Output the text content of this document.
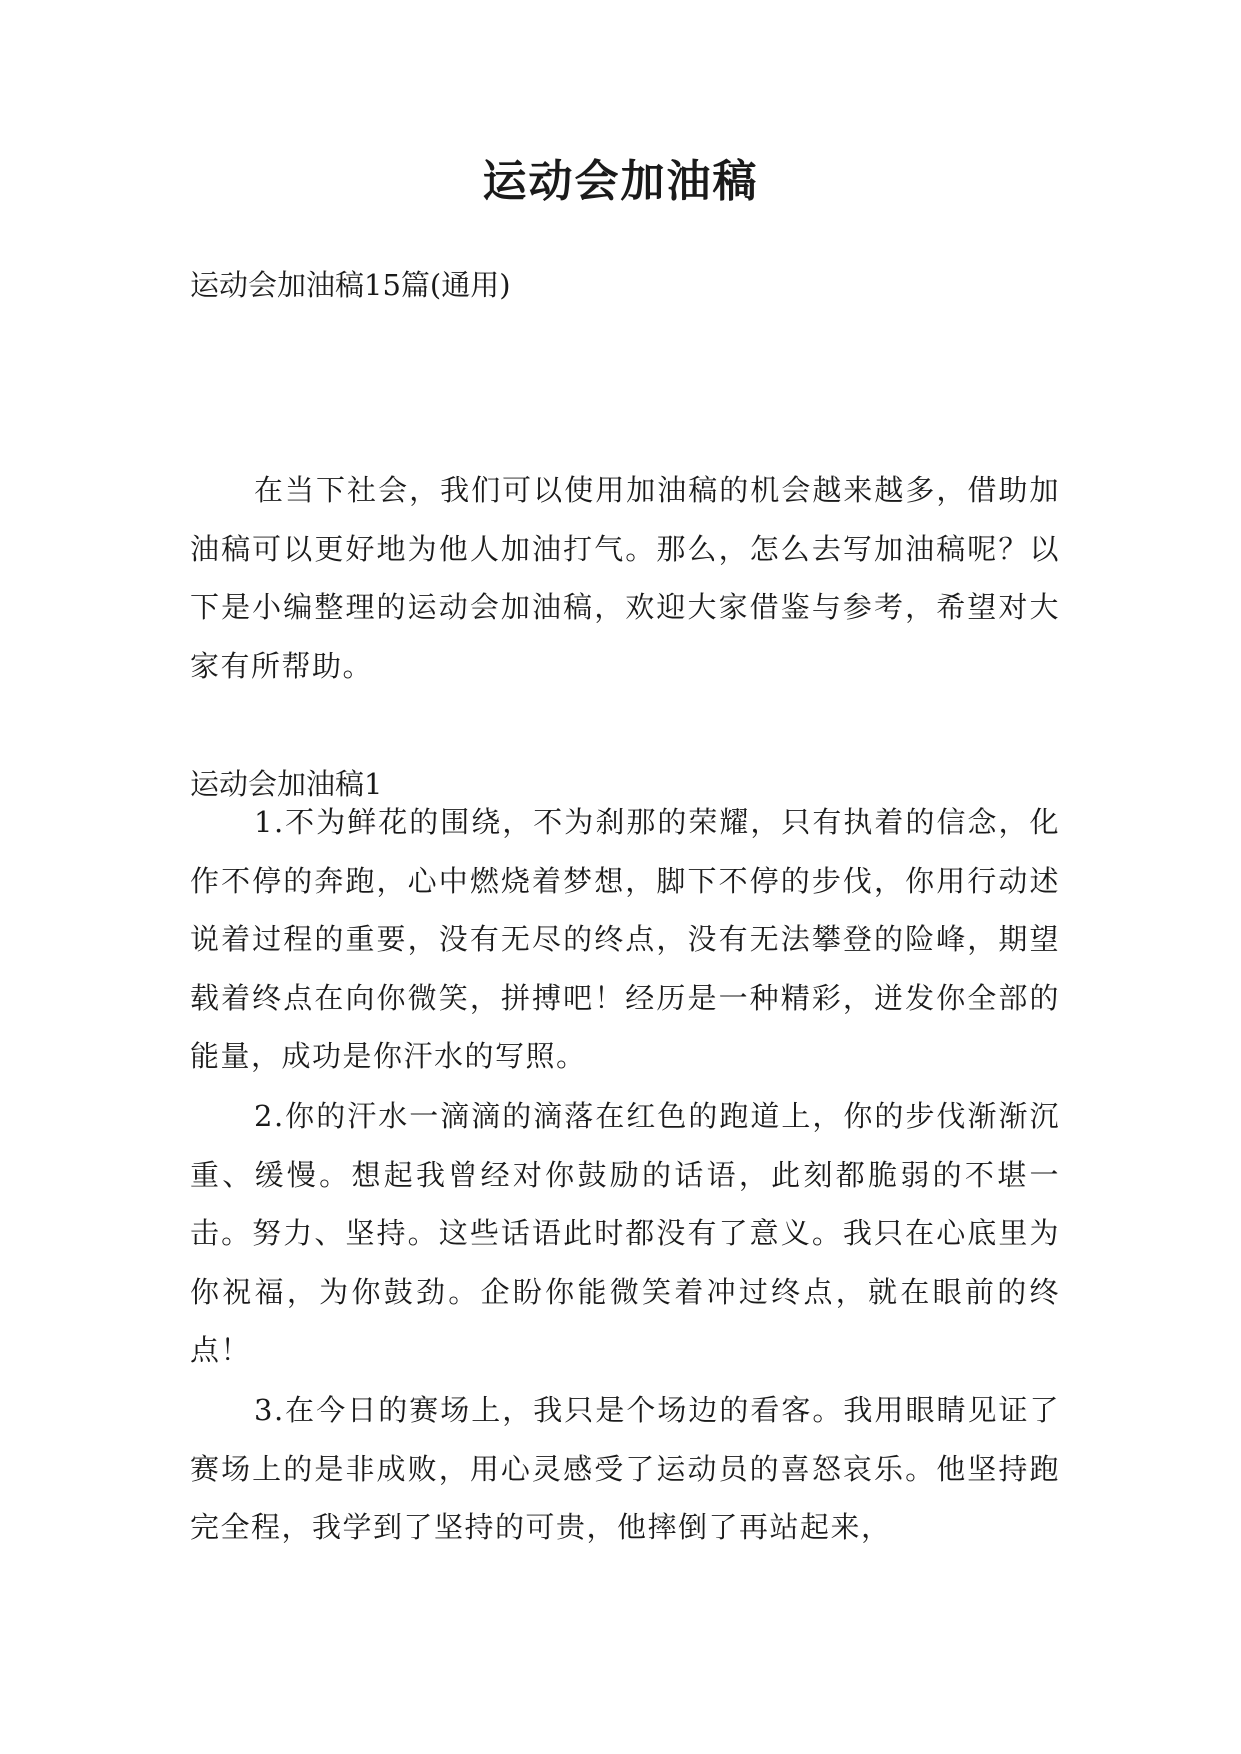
运动会加油稿
运动会加油稿15篇(通用)
在当下社会，我们可以使用加油稿的机会越来越多，借助加油稿可以更好地为他人加油打气。那么，怎么去写加油稿呢？以下是小编整理的运动会加油稿，欢迎大家借鉴与参考，希望对大家有所帮助。
运动会加油稿1
1.不为鲜花的围绕，不为刹那的荣耀，只有执着的信念，化作不停的奔跑，心中燃烧着梦想，脚下不停的步伐，你用行动述说着过程的重要，没有无尽的终点，没有无法攀登的险峰，期望载着终点在向你微笑，拼搏吧！经历是一种精彩，迸发你全部的能量，成功是你汗水的写照。
2.你的汗水一滴滴的滴落在红色的跑道上，你的步伐渐渐沉重、缓慢。想起我曾经对你鼓励的话语，此刻都脆弱的不堪一击。努力、坚持。这些话语此时都没有了意义。我只在心底里为你祝福，为你鼓劲。企盼你能微笑着冲过终点，就在眼前的终点！
3.在今日的赛场上，我只是个场边的看客。我用眼睛见证了赛场上的是非成败，用心灵感受了运动员的喜怒哀乐。他坚持跑完全程，我学到了坚持的可贵，他摔倒了再站起来，
